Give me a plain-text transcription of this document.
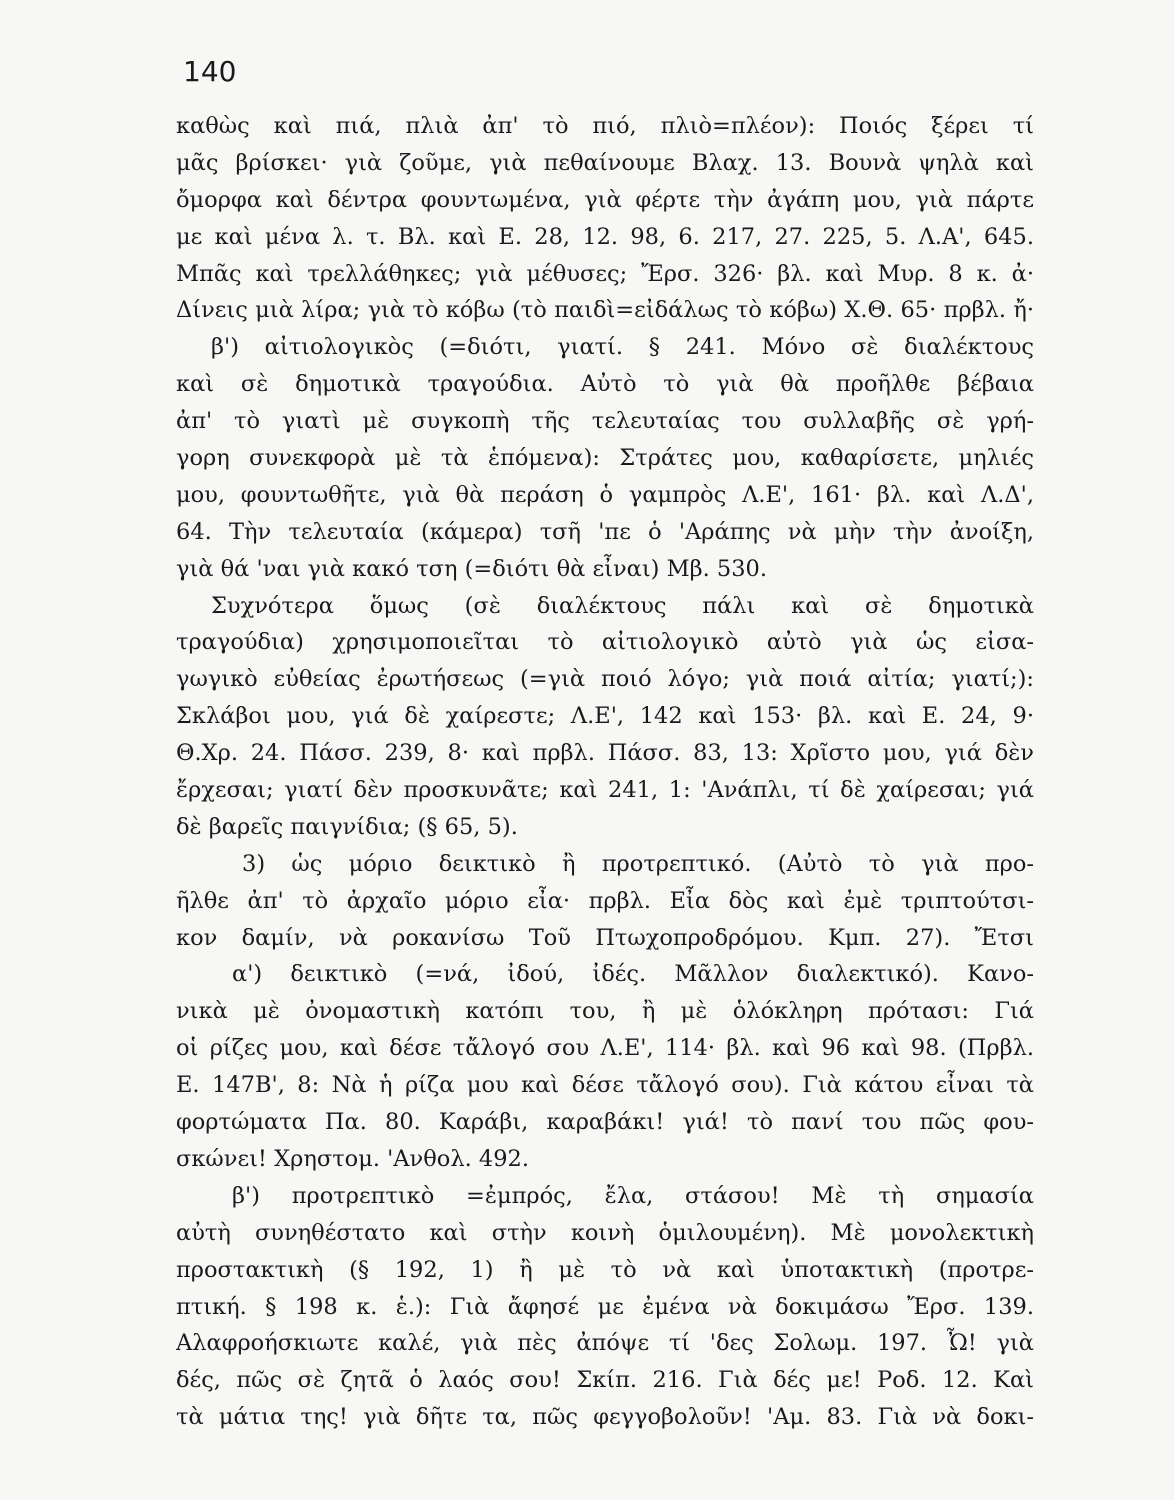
140
καθὼς καὶ πιά, πλιὰ ἀπ' τὸ πιό, πλιὸ=πλέον): Ποιός ξέρει τί
μᾶς βρίσκει· γιὰ ζοῦμε, γιὰ πεθαίνουμε Βλαχ. 13. Βουνὰ ψηλὰ καὶ
ὄμορφα καὶ δέντρα φουντωμένα, γιὰ φέρτε τὴν ἀγάπη μου, γιὰ πάρτε
με καὶ μένα λ. τ. Βλ. καὶ Ε. 28, 12. 98, 6. 217, 27. 225, 5. Λ.Α', 645.
Μπᾶς καὶ τρελλάθηκες; γιὰ μέθυσες; Ἔρσ. 326· βλ. καὶ Μυρ. 8 κ. ἀ·
Δίνεις μιὰ λίρα; γιὰ τὸ κόβω (τὸ παιδὶ=εἰδάλως τὸ κόβω) Χ.Θ. 65· πρβλ. ἤ·
β') αἰτιολογικὸς (=διότι, γιατί. § 241. Μόνο σὲ διαλέκτους
καὶ σὲ δημοτικὰ τραγούδια. Αὐτὸ τὸ γιὰ θὰ προῆλθε βέβαια
ἀπ' τὸ γιατὶ μὲ συγκοπὴ τῆς τελευταίας του συλλαβῆς σὲ γρή-
γορη συνεκφορὰ μὲ τὰ ἑπόμενα): Στράτες μου, καθαρίσετε, μηλιές
μου, φουντωθῆτε, γιὰ θὰ περάση ὁ γαμπρὸς Λ.Ε', 161· βλ. καὶ Λ.Δ',
64. Τὴν τελευταία (κάμερα) τσῆ 'πε ὁ 'Αράπης νὰ μὴν τὴν ἀνοίξη,
γιὰ θά 'ναι γιὰ κακό τση (=διότι θὰ εἶναι) Μβ. 530.
Συχνότερα ὅμως (σὲ διαλέκτους πάλι καὶ σὲ δημοτικὰ
τραγούδια) χρησιμοποιεῖται τὸ αἰτιολογικὸ αὐτὸ γιὰ ὡς εἰσα-
γωγικὸ εὐθείας ἐρωτήσεως (=γιὰ ποιό λόγο; γιὰ ποιά αἰτία; γιατί;):
Σκλάβοι μου, γιά δὲ χαίρεστε; Λ.Ε', 142 καὶ 153· βλ. καὶ Ε. 24, 9·
Θ.Χρ. 24. Πάσσ. 239, 8· καὶ πρβλ. Πάσσ. 83, 13: Χρῖστο μου, γιά δὲν
ἔρχεσαι; γιατί δὲν προσκυνᾶτε; καὶ 241, 1: 'Ανάπλι, τί δὲ χαίρεσαι; γιά
δὲ βαρεῖς παιγνίδια; (§ 65, 5).
3) ὡς μόριο δεικτικὸ ἢ προτρεπτικό. (Αὐτὸ τὸ γιὰ προ-
ῆλθε ἀπ' τὸ ἀρχαῖο μόριο εἶα· πρβλ. Εἶα δὸς καὶ ἐμὲ τριπτούτσι-
κον δαμίν, νὰ ροκανίσω Τοῦ Πτωχοπροδρόμου. Κμπ. 27). Ἔτσι
α') δεικτικὸ (=νά, ἰδού, ἰδές. Μᾶλλον διαλεκτικό). Κανο-
νικὰ μὲ ὀνομαστικὴ κατόπι του, ἢ μὲ ὁλόκληρη πρότασι: Γιά
οἱ ρίζες μου, καὶ δέσε τἄλογό σου Λ.Ε', 114· βλ. καὶ 96 καὶ 98. (Πρβλ.
Ε. 147Β', 8: Νὰ ἡ ρίζα μου καὶ δέσε τἄλογό σου). Γιὰ κάτου εἶναι τὰ
φορτώματα Πα. 80. Καράβι, καραβάκι! γιά! τὸ πανί του πῶς φου-
σκώνει! Χρηστομ. 'Ανθολ. 492.
β') προτρεπτικὸ =ἐμπρός, ἔλα, στάσου! Μὲ τὴ σημασία
αὐτὴ συνηθέστατο καὶ στὴν κοινὴ ὁμιλουμένη). Μὲ μονολεκτικὴ
προστακτικὴ (§ 192, 1) ἢ μὲ τὸ νὰ καὶ ὑποτακτικὴ (προτρε-
πτική. § 198 κ. ἑ.): Γιὰ ἄφησέ με ἐμένα νὰ δοκιμάσω Ἔρσ. 139.
Αλαφροήσκιωτε καλέ, γιὰ πὲς ἀπόψε τί 'δες Σολωμ. 197. Ὦ! γιὰ
δές, πῶς σὲ ζητᾶ ὁ λαός σου! Σκίπ. 216. Γιὰ δές με! Ροδ. 12. Καὶ
τὰ μάτια της! γιὰ δῆτε τα, πῶς φεγγοβολοῦν! 'Αμ. 83. Γιὰ νὰ δοκι-
